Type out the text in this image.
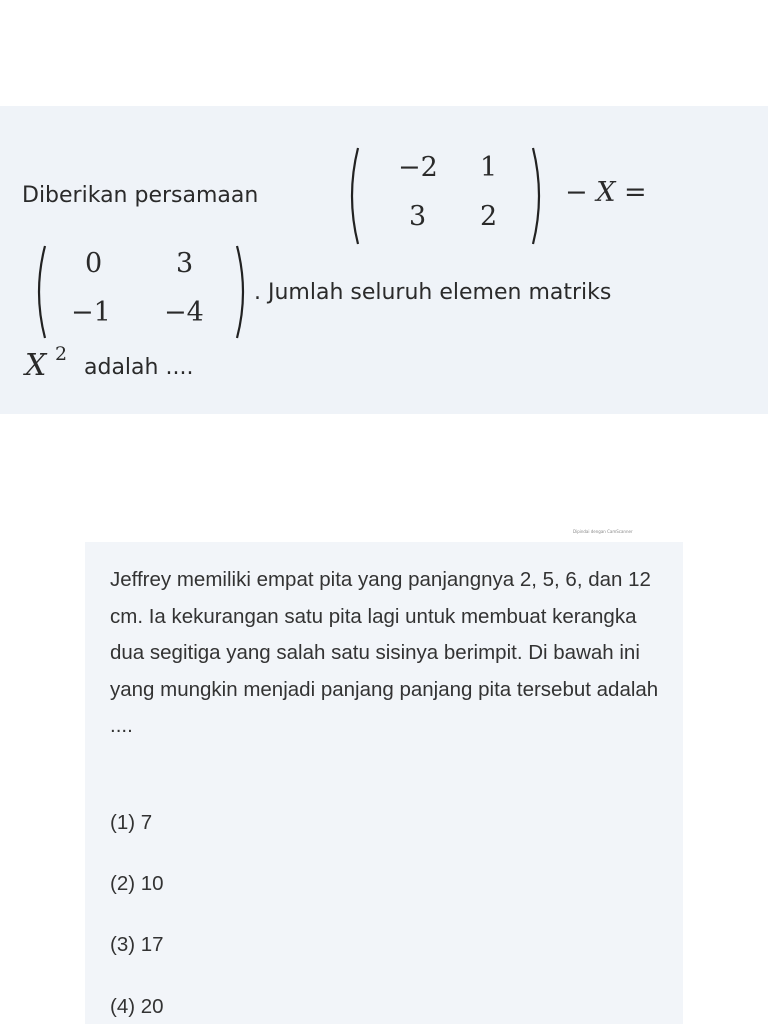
Diberikan persamaan
−2 1
3 2
− X =
0	3
−1 −4
. Jumlah seluruh elemen matriks
X 2
adalah ....
Dipindai dengan CamScanner

Jeffrey memiliki empat pita yang panjangnya 2, 5, 6, dan 12 cm. Ia kekurangan satu pita lagi untuk membuat kerangka dua segitiga yang salah satu sisinya berimpit. Di bawah ini yang mungkin menjadi panjang panjang pita tersebut adalah ....

(1) 7
(2) 10
(3) 17
(4) 20
